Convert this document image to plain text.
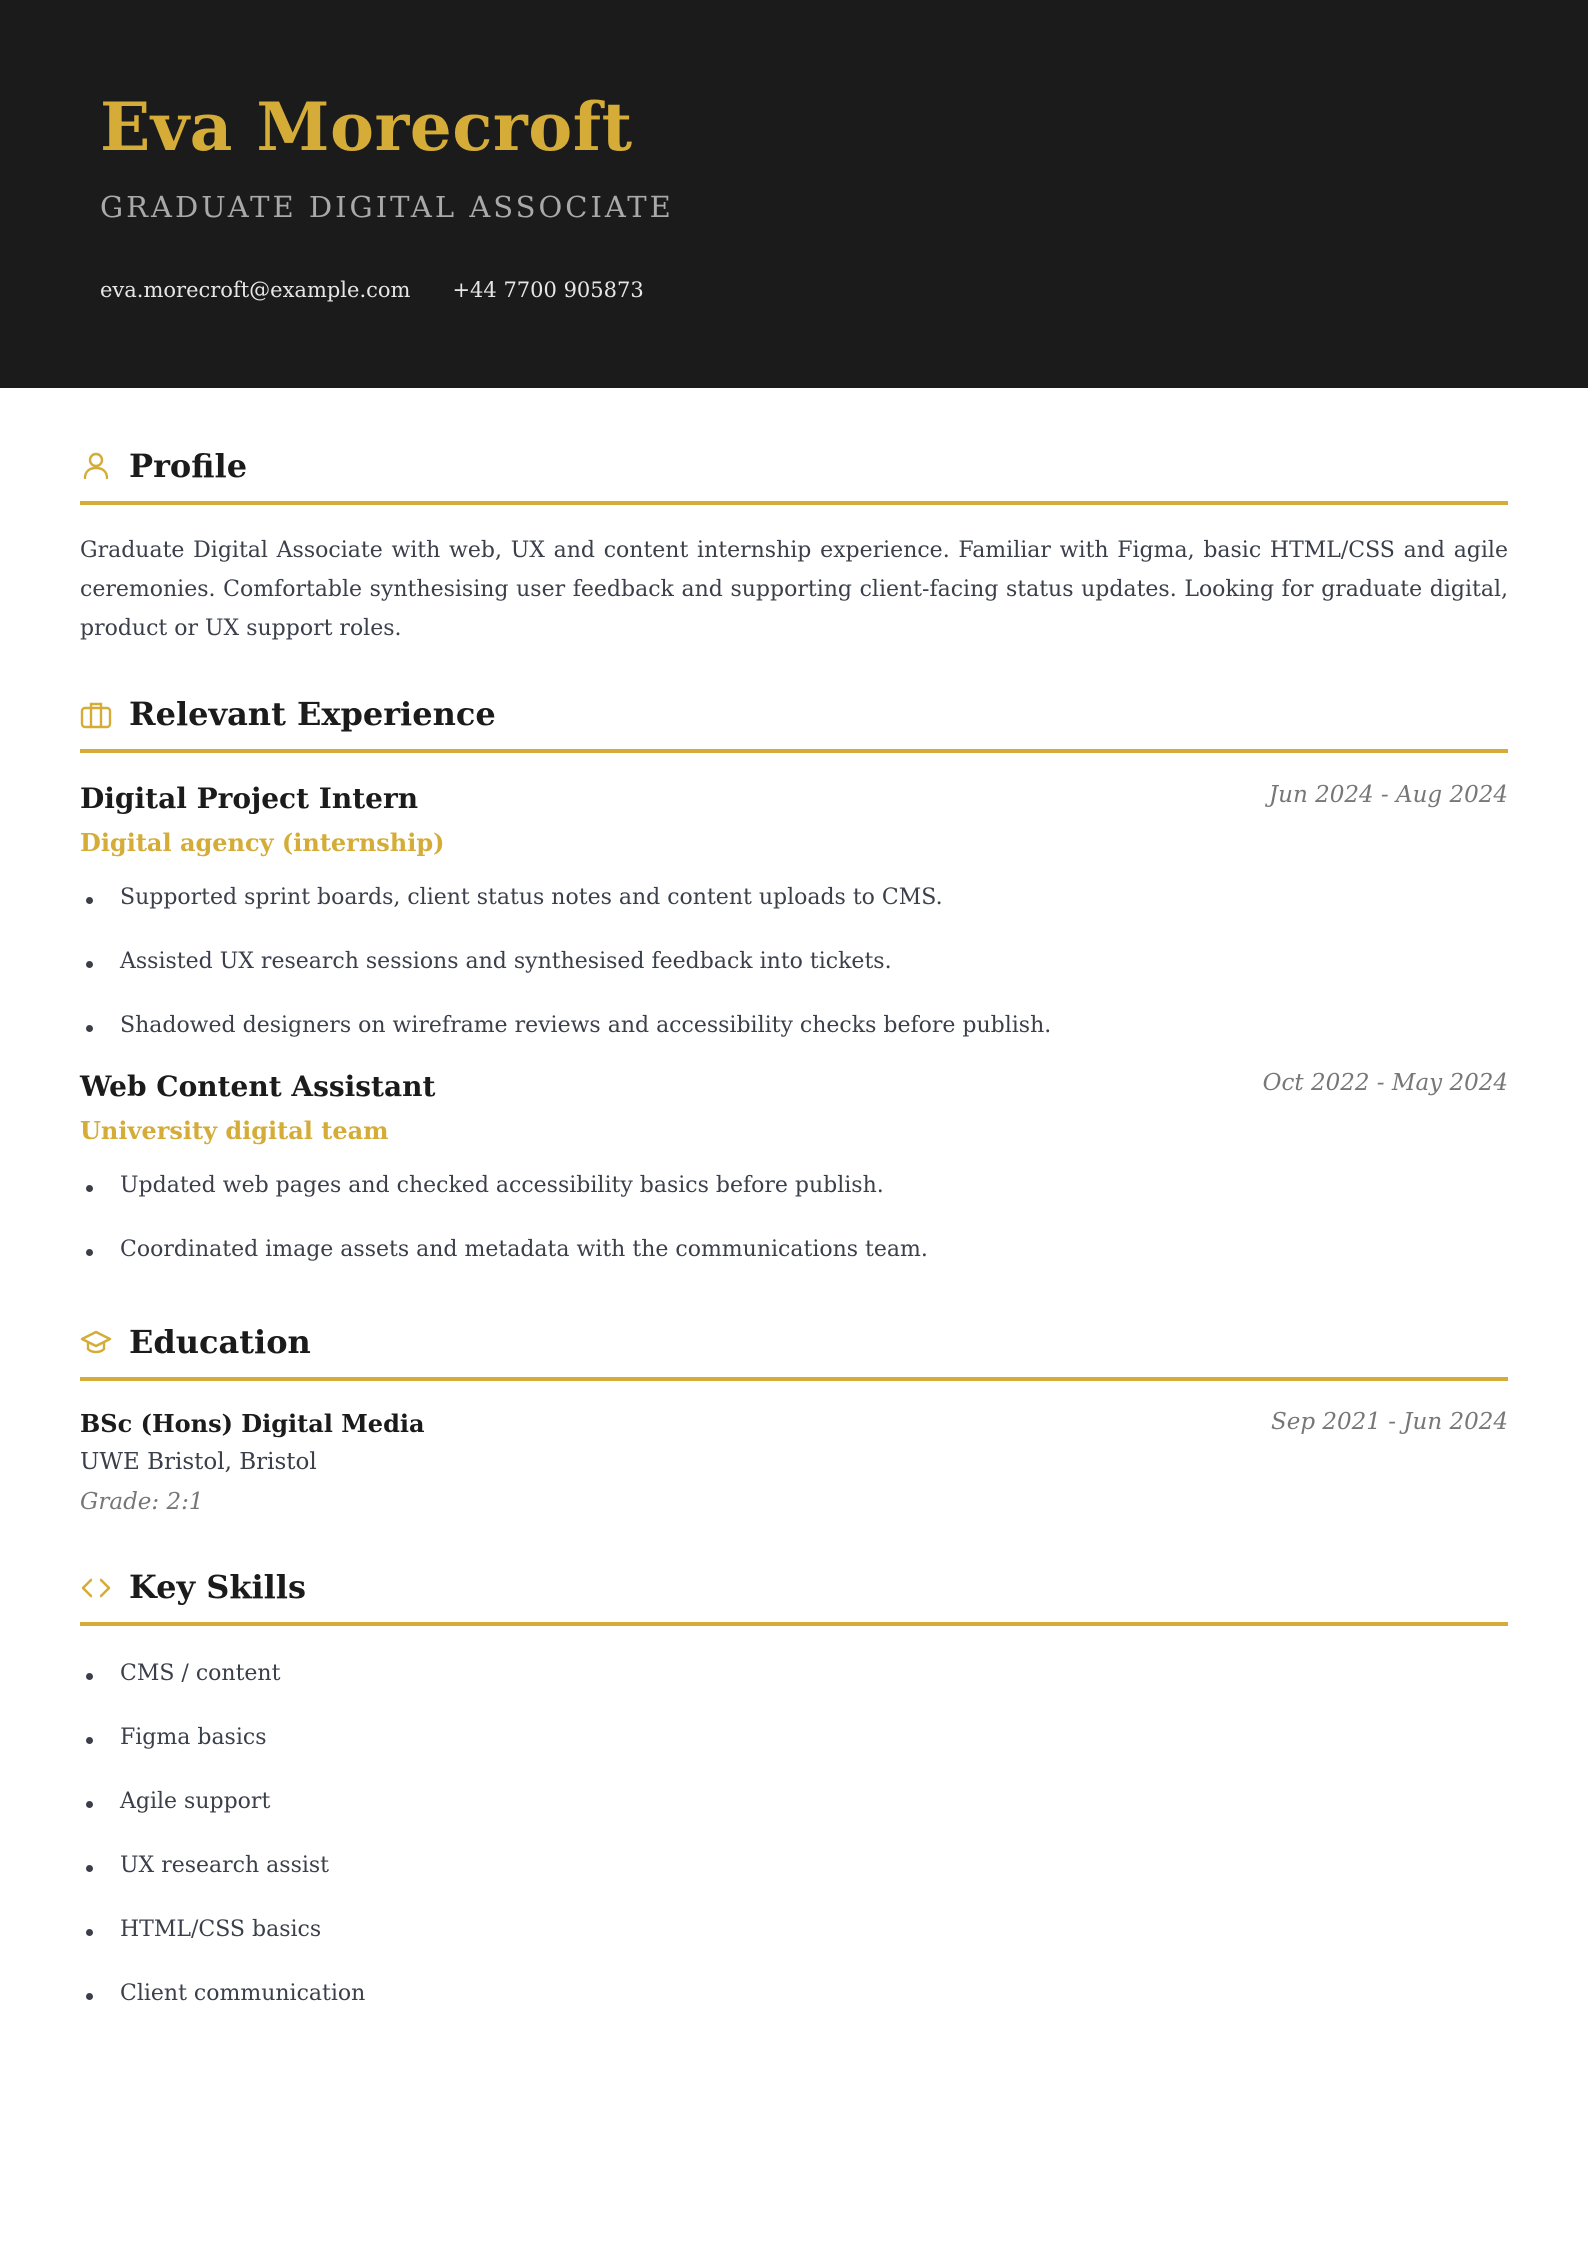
Eva Morecroft
GRADUATE DIGITAL ASSOCIATE
eva.morecroft@example.com +44 7700 905873
Profile
Graduate Digital Associate with web, UX and content internship experience. Familiar with Figma, basic HTML/CSS and agile ceremonies. Comfortable synthesising user feedback and supporting client-facing status updates. Looking for graduate digital, product or UX support roles.
Relevant Experience
Digital Project Intern	Jun 2024 - Aug 2024
Digital agency (internship)
Supported sprint boards, client status notes and content uploads to CMS.
Assisted UX research sessions and synthesised feedback into tickets.
Shadowed designers on wireframe reviews and accessibility checks before publish.
Web Content Assistant	Oct 2022 - May 2024
University digital team
Updated web pages and checked accessibility basics before publish.
Coordinated image assets and metadata with the communications team.
Education
BSc (Hons) Digital Media	Sep 2021 - Jun 2024
UWE Bristol, Bristol
Grade: 2:1
Key Skills
CMS / content
Figma basics
Agile support
UX research assist
HTML/CSS basics
Client communication
